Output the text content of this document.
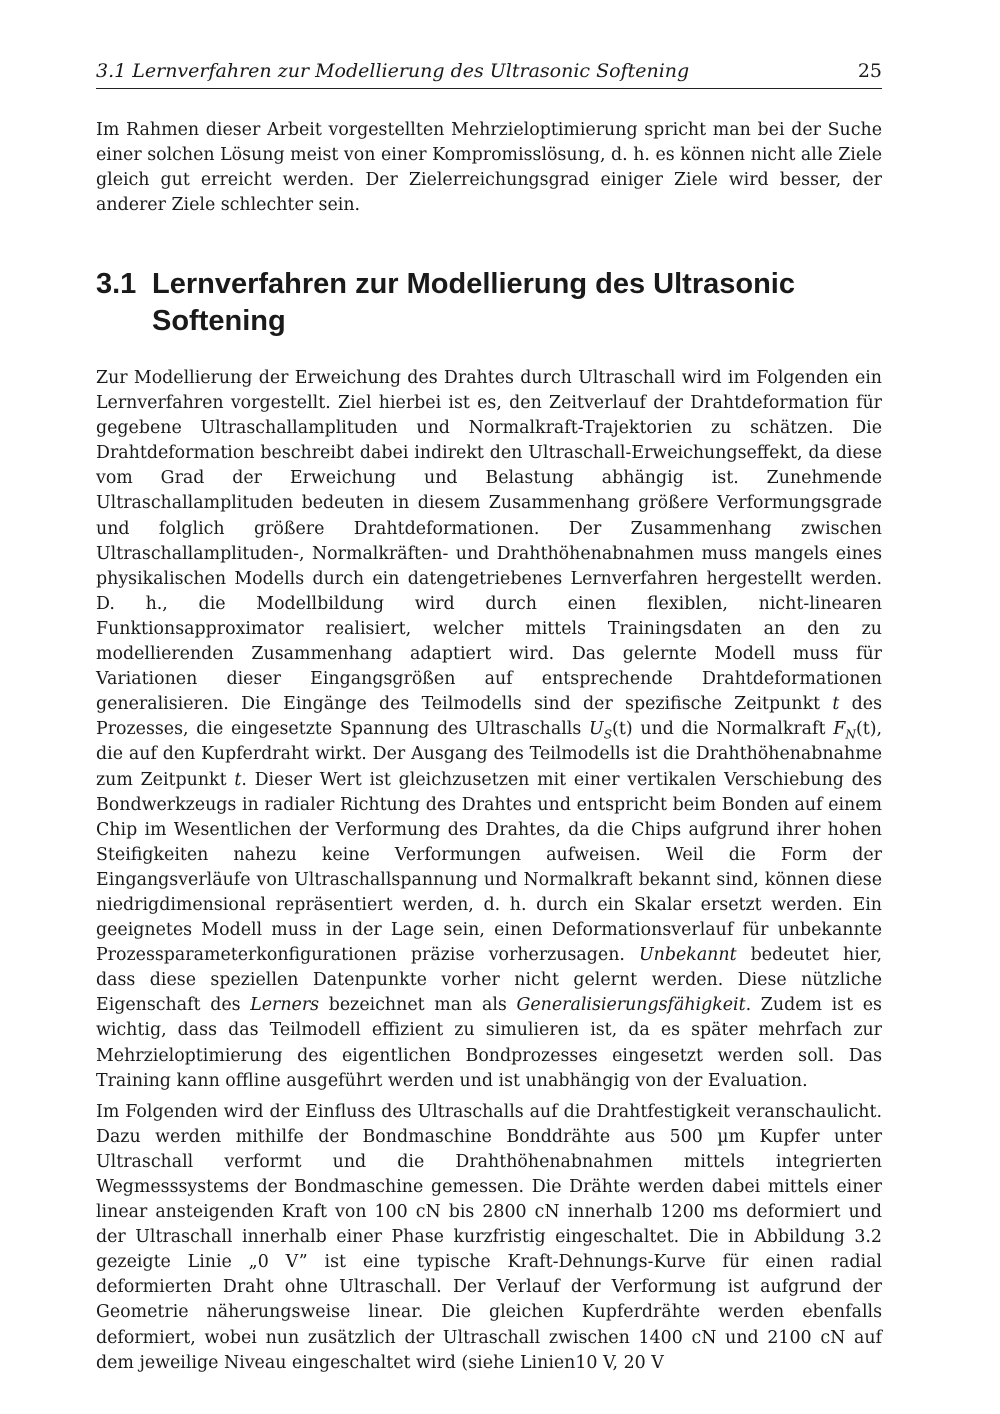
3.1 Lernverfahren zur Modellierung des Ultrasonic Softening	25

Im Rahmen dieser Arbeit vorgestellten Mehrzieloptimierung spricht man bei der Suche einer solchen Lösung meist von einer Kompromisslösung, d. h. es können nicht alle Ziele gleich gut erreicht werden. Der Zielerreichungsgrad einiger Ziele wird besser, der anderer Ziele schlechter sein.

3.1 Lernverfahren zur Modellierung des Ultrasonic Softening

Zur Modellierung der Erweichung des Drahtes durch Ultraschall wird im Folgenden ein Lernverfahren vorgestellt. Ziel hierbei ist es, den Zeitverlauf der Drahtdeformation für gegebene Ultraschallamplituden und Normalkraft-Trajektorien zu schätzen. Die Drahtdeformation beschreibt dabei indirekt den Ultraschall-Erweichungseffekt, da diese vom Grad der Erweichung und Belastung abhängig ist. Zunehmende Ultraschallamplituden bedeuten in diesem Zusammenhang größere Verformungsgrade und folglich größere Drahtdeformationen. Der Zusammenhang zwischen Ultraschallamplituden-, Normalkräften- und Drahthöhenabnahmen muss mangels eines physikalischen Modells durch ein datengetriebenes Lernverfahren hergestellt werden. D. h., die Modellbildung wird durch einen flexiblen, nicht-linearen Funktionsapproximator realisiert, welcher mittels Trainingsdaten an den zu modellierenden Zusammenhang adaptiert wird. Das gelernte Modell muss für Variationen dieser Eingangsgrößen auf entsprechende Drahtdeformationen generalisieren. Die Eingänge des Teilmodells sind der spezifische Zeitpunkt t des Prozesses, die eingesetzte Spannung des Ultraschalls $U_S(t)$ und die Normalkraft $F_N(t)$, die auf den Kupferdraht wirkt. Der Ausgang des Teilmodells ist die Drahthöhenabnahme zum Zeitpunkt t. Dieser Wert ist gleichzusetzen mit einer vertikalen Verschiebung des Bondwerkzeugs in radialer Richtung des Drahtes und entspricht beim Bonden auf einem Chip im Wesentlichen der Verformung des Drahtes, da die Chips aufgrund ihrer hohen Steifigkeiten nahezu keine Verformungen aufweisen. Weil die Form der Eingangsverläufe von Ultraschallspannung und Normalkraft bekannt sind, können diese niedrigdimensional repräsentiert werden, d. h. durch ein Skalar ersetzt werden. Ein geeignetes Modell muss in der Lage sein, einen Deformationsverlauf für unbekannte Prozessparameterkonfigurationen präzise vorherzusagen. Unbekannt bedeutet hier, dass diese speziellen Datenpunkte vorher nicht gelernt werden. Diese nützliche Eigenschaft des Lerners bezeichnet man als Generalisierungsfähigkeit. Zudem ist es wichtig, dass das Teilmodell effizient zu simulieren ist, da es später mehrfach zur Mehrzieloptimierung des eigentlichen Bondprozesses eingesetzt werden soll. Das Training kann offline ausgeführt werden und ist unabhängig von der Evaluation.

Im Folgenden wird der Einfluss des Ultraschalls auf die Drahtfestigkeit veranschaulicht. Dazu werden mithilfe der Bondmaschine Bonddrähte aus 500 µm Kupfer unter Ultraschall verformt und die Drahthöhenabnahmen mittels integrierten Wegmesssystems der Bondmaschine gemessen. Die Drähte werden dabei mittels einer linear ansteigenden Kraft von 100 cN bis 2800 cN innerhalb 1200 ms deformiert und der Ultraschall innerhalb einer Phase kurzfristig eingeschaltet. Die in Abbildung 3.2 gezeigte Linie „0 V” ist eine typische Kraft-Dehnungs-Kurve für einen radial deformierten Draht ohne Ultraschall. Der Verlauf der Verformung ist aufgrund der Geometrie näherungsweise linear. Die gleichen Kupferdrähte werden ebenfalls deformiert, wobei nun zusätzlich der Ultraschall zwischen 1400 cN und 2100 cN auf dem jeweilige Niveau eingeschaltet wird (siehe Linien10 V, 20 V
